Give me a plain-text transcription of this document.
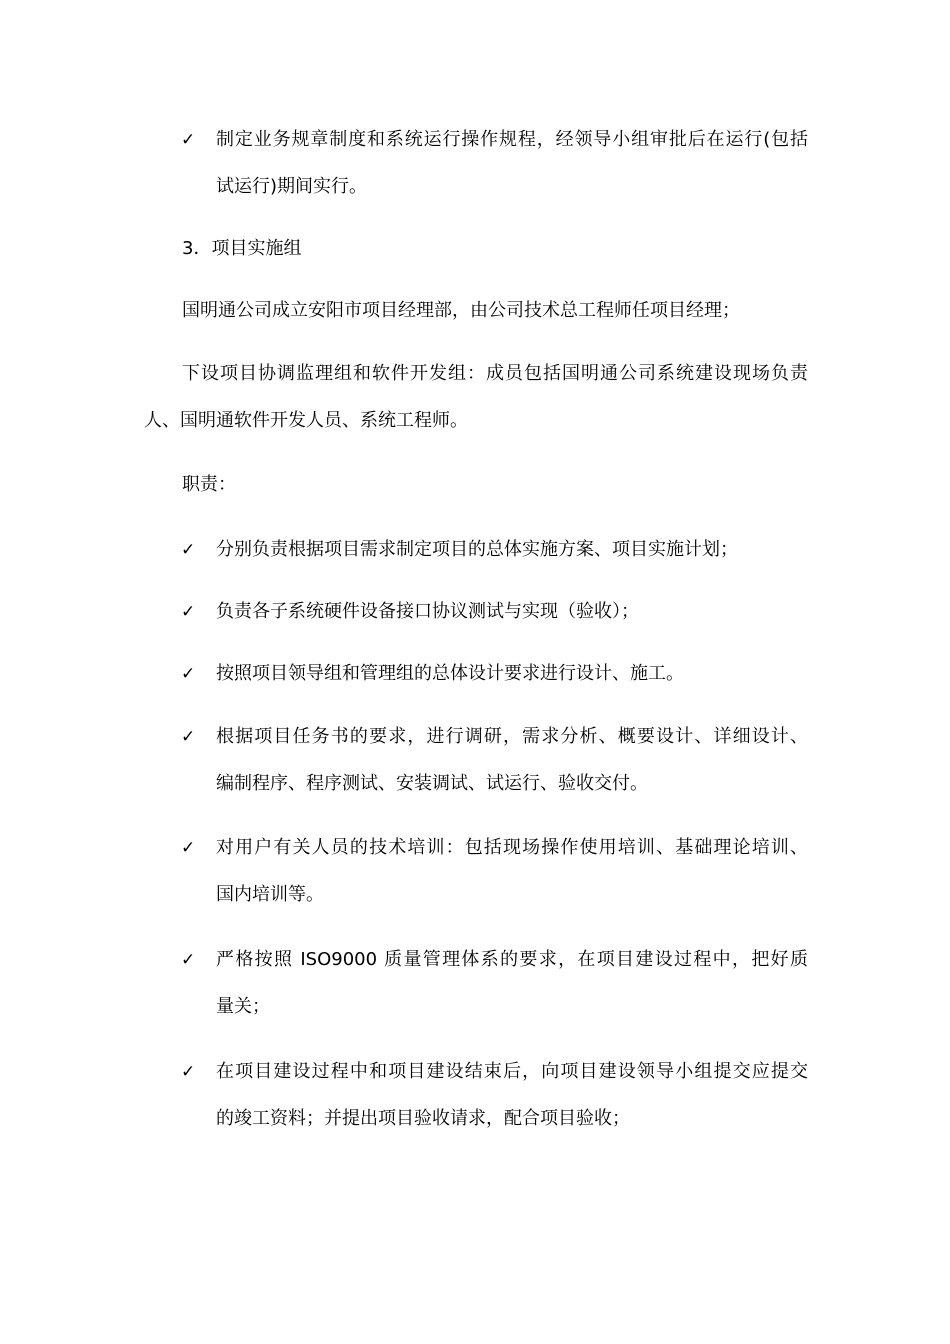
✓ 制定业务规章制度和系统运行操作规程，经领导小组审批后在运行(包括
试运行)期间实行。
3．项目实施组
国明通公司成立安阳市项目经理部，由公司技术总工程师任项目经理；
下设项目协调监理组和软件开发组：成员包括国明通公司系统建设现场负责
人、国明通软件开发人员、系统工程师。
职责：
✓ 分别负责根据项目需求制定项目的总体实施方案、项目实施计划；
✓ 负责各子系统硬件设备接口协议测试与实现（验收）；
✓ 按照项目领导组和管理组的总体设计要求进行设计、施工。
✓ 根据项目任务书的要求，进行调研，需求分析、概要设计、详细设计、
编制程序、程序测试、安装调试、试运行、验收交付。
✓ 对用户有关人员的技术培训：包括现场操作使用培训、基础理论培训、
国内培训等。
✓ 严格按照 ISO9000 质量管理体系的要求，在项目建设过程中，把好质
量关；
✓ 在项目建设过程中和项目建设结束后，向项目建设领导小组提交应提交
的竣工资料；并提出项目验收请求，配合项目验收；
